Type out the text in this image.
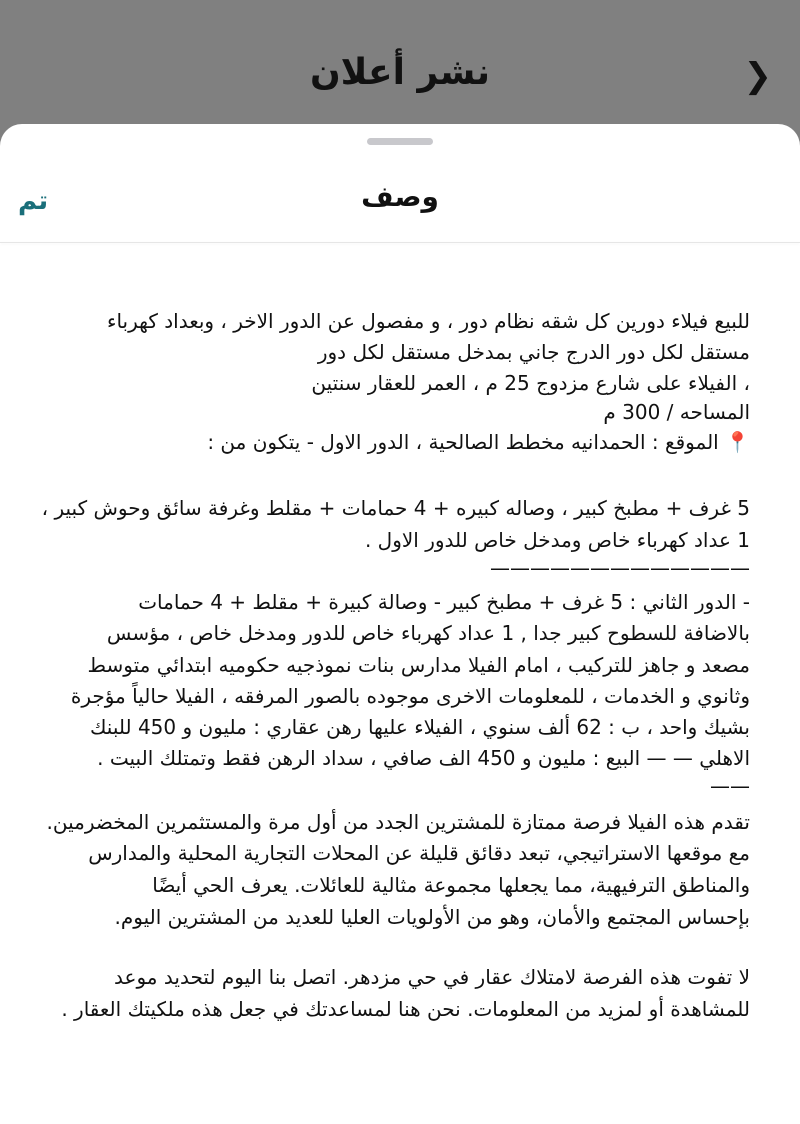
نشر أعلان	❯
وصف
تم
للبيع فيلاء دورين كل شقه نظام دور ، و مفصول عن الدور الاخر ، وبعداد كهرباء
مستقل لكل دور الدرج جاني بمدخل مستقل لكل دور
، الفيلاء على شارع مزدوج 25 م ، العمر للعقار سنتين
المساحه / 300 م
📍 الموقع : الحمدانيه مخطط الصالحية ، الدور الاول - يتكون من :
5 غرف + مطبخ كبير ، وصاله كبيره + 4 حمامات + مقلط وغرفة سائق وحوش كبير ،
1 عداد كهرباء خاص ومدخل خاص للدور الاول .
—————————————
- الدور الثاني : 5 غرف + مطبخ كبير - وصالة كبيرة + مقلط + 4 حمامات
بالاضافة للسطوح كبير جدا , 1 عداد كهرباء خاص للدور ومدخل خاص ، مؤسس
مصعد و جاهز للتركيب ، امام الفيلا مدارس بنات نموذجيه حكوميه ابتدائي متوسط
وثانوي و الخدمات ، للمعلومات الاخرى موجوده بالصور المرفقه ، الفيلا حالياً مؤجرة
بشيك واحد ، ب : 62 ألف سنوي ، الفيلاء عليها رهن عقاري : مليون و 450 للبنك
الاهلي — — البيع : مليون و 450 الف صافي ، سداد الرهن فقط وتمتلك البيت .
——
تقدم هذه الفيلا فرصة ممتازة للمشترين الجدد من أول مرة والمستثمرين المخضرمين.
مع موقعها الاستراتيجي، تبعد دقائق قليلة عن المحلات التجارية المحلية والمدارس
والمناطق الترفيهية، مما يجعلها مجموعة مثالية للعائلات. يعرف الحي أيضًا
بإحساس المجتمع والأمان، وهو من الأولويات العليا للعديد من المشترين اليوم.
لا تفوت هذه الفرصة لامتلاك عقار في حي مزدهر. اتصل بنا اليوم لتحديد موعد
للمشاهدة أو لمزيد من المعلومات. نحن هنا لمساعدتك في جعل هذه ملكيتك العقار .
